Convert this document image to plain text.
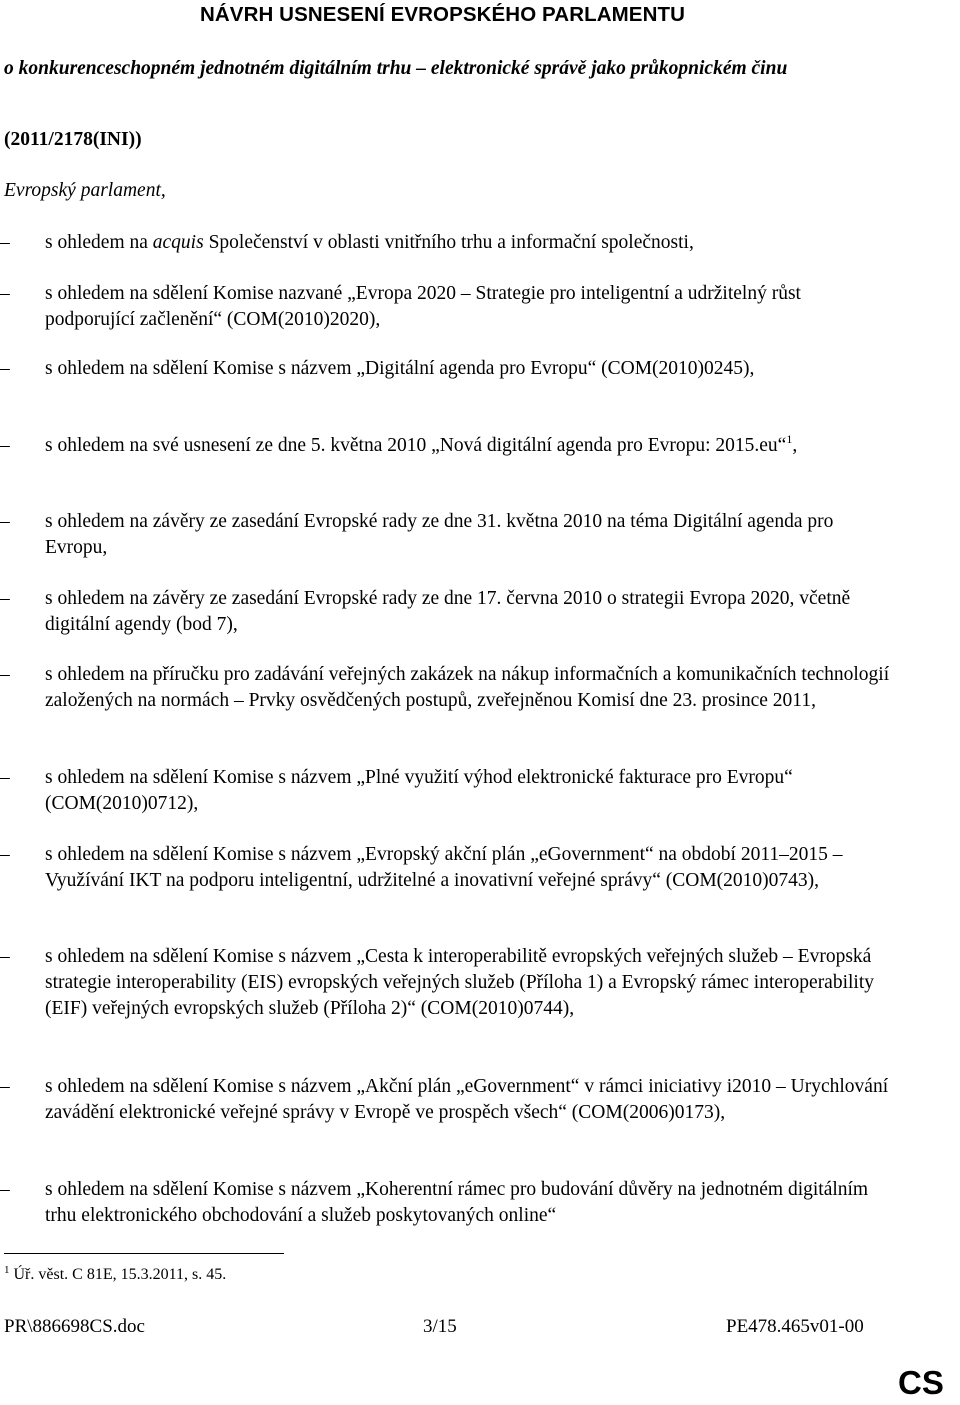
NÁVRH USNESENÍ EVROPSKÉHO PARLAMENTU
o konkurenceschopném jednotném digitálním trhu – elektronické správě jako průkopnickém činu
(2011/2178(INI))
Evropský parlament,
–	s ohledem na acquis Společenství v oblasti vnitřního trhu a informační společnosti,
–	s ohledem na sdělení Komise nazvané „Evropa 2020 – Strategie pro inteligentní a udržitelný růst podporující začlenění“ (COM(2010)2020),
–	s ohledem na sdělení Komise s názvem „Digitální agenda pro Evropu“ (COM(2010)0245),
–	s ohledem na své usnesení ze dne 5. května 2010 „Nová digitální agenda pro Evropu: 2015.eu“$^1$,
–	s ohledem na závěry ze zasedání Evropské rady ze dne 31. května 2010 na téma Digitální agenda pro Evropu,
–	s ohledem na závěry ze zasedání Evropské rady ze dne 17. června 2010 o strategii Evropa 2020, včetně digitální agendy (bod 7),
–	s ohledem na příručku pro zadávání veřejných zakázek na nákup informačních a komunikačních technologií založených na normách – Prvky osvědčených postupů, zveřejněnou Komisí dne 23. prosince 2011,
–	s ohledem na sdělení Komise s názvem „Plné využití výhod elektronické fakturace pro Evropu“ (COM(2010)0712),
–	s ohledem na sdělení Komise s názvem „Evropský akční plán „eGovernment“ na období 2011–2015 – Využívání IKT na podporu inteligentní, udržitelné a inovativní veřejné správy“ (COM(2010)0743),
–	s ohledem na sdělení Komise s názvem „Cesta k interoperabilitě evropských veřejných služeb – Evropská strategie interoperability (EIS) evropských veřejných služeb (Příloha 1) a Evropský rámec interoperability (EIF) veřejných evropských služeb (Příloha 2)“ (COM(2010)0744),
–	s ohledem na sdělení Komise s názvem „Akční plán „eGovernment“ v rámci iniciativy i2010 – Urychlování zavádění elektronické veřejné správy v Evropě ve prospěch všech“ (COM(2006)0173),
–	s ohledem na sdělení Komise s názvem „Koherentní rámec pro budování důvěry na jednotném digitálním trhu elektronického obchodování a služeb poskytovaných online“
$^1$ Úř. věst. C 81E, 15.3.2011, s. 45.
PR\886698CS.doc	3/15	PE478.465v01-00
CS
